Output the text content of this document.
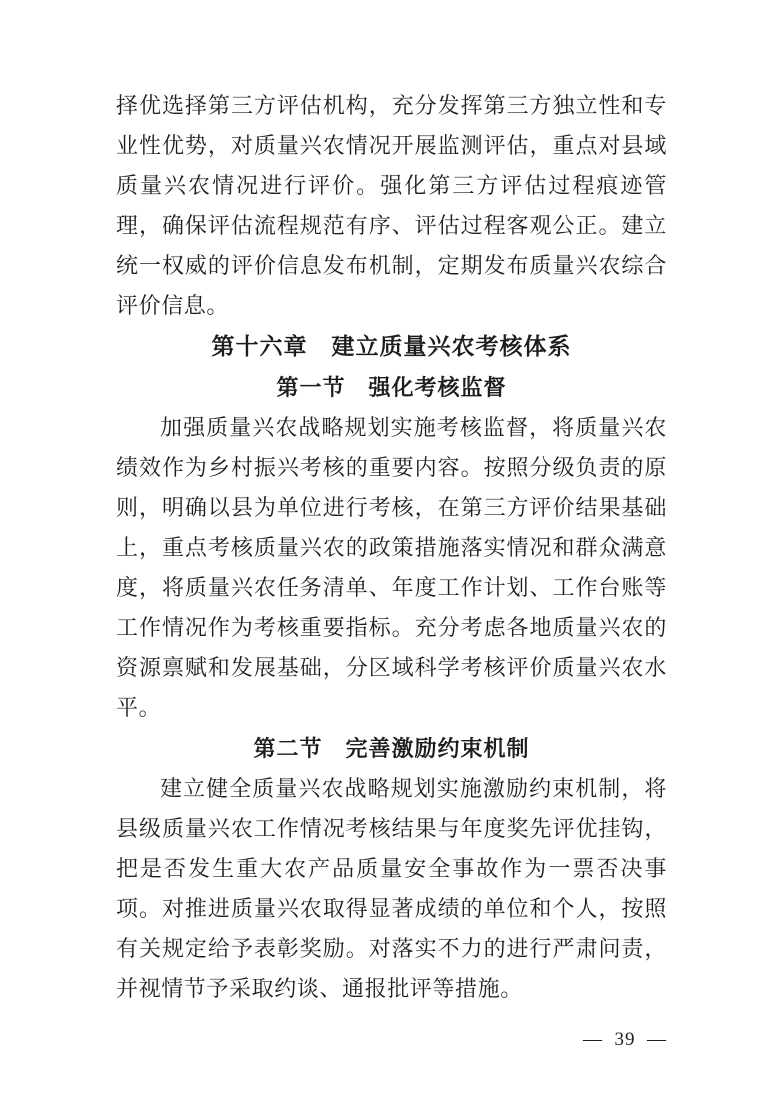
择优选择第三方评估机构，充分发挥第三方独立性和专业性优势，对质量兴农情况开展监测评估，重点对县域质量兴农情况进行评价。强化第三方评估过程痕迹管理，确保评估流程规范有序、评估过程客观公正。建立统一权威的评价信息发布机制，定期发布质量兴农综合评价信息。

第十六章　建立质量兴农考核体系
第一节　强化考核监督

加强质量兴农战略规划实施考核监督，将质量兴农绩效作为乡村振兴考核的重要内容。按照分级负责的原则，明确以县为单位进行考核，在第三方评价结果基础上，重点考核质量兴农的政策措施落实情况和群众满意度，将质量兴农任务清单、年度工作计划、工作台账等工作情况作为考核重要指标。充分考虑各地质量兴农的资源禀赋和发展基础，分区域科学考核评价质量兴农水平。

第二节　完善激励约束机制

建立健全质量兴农战略规划实施激励约束机制，将县级质量兴农工作情况考核结果与年度奖先评优挂钩，把是否发生重大农产品质量安全事故作为一票否决事项。对推进质量兴农取得显著成绩的单位和个人，按照有关规定给予表彰奖励。对落实不力的进行严肃问责，并视情节予采取约谈、通报批评等措施。

—  39  —
